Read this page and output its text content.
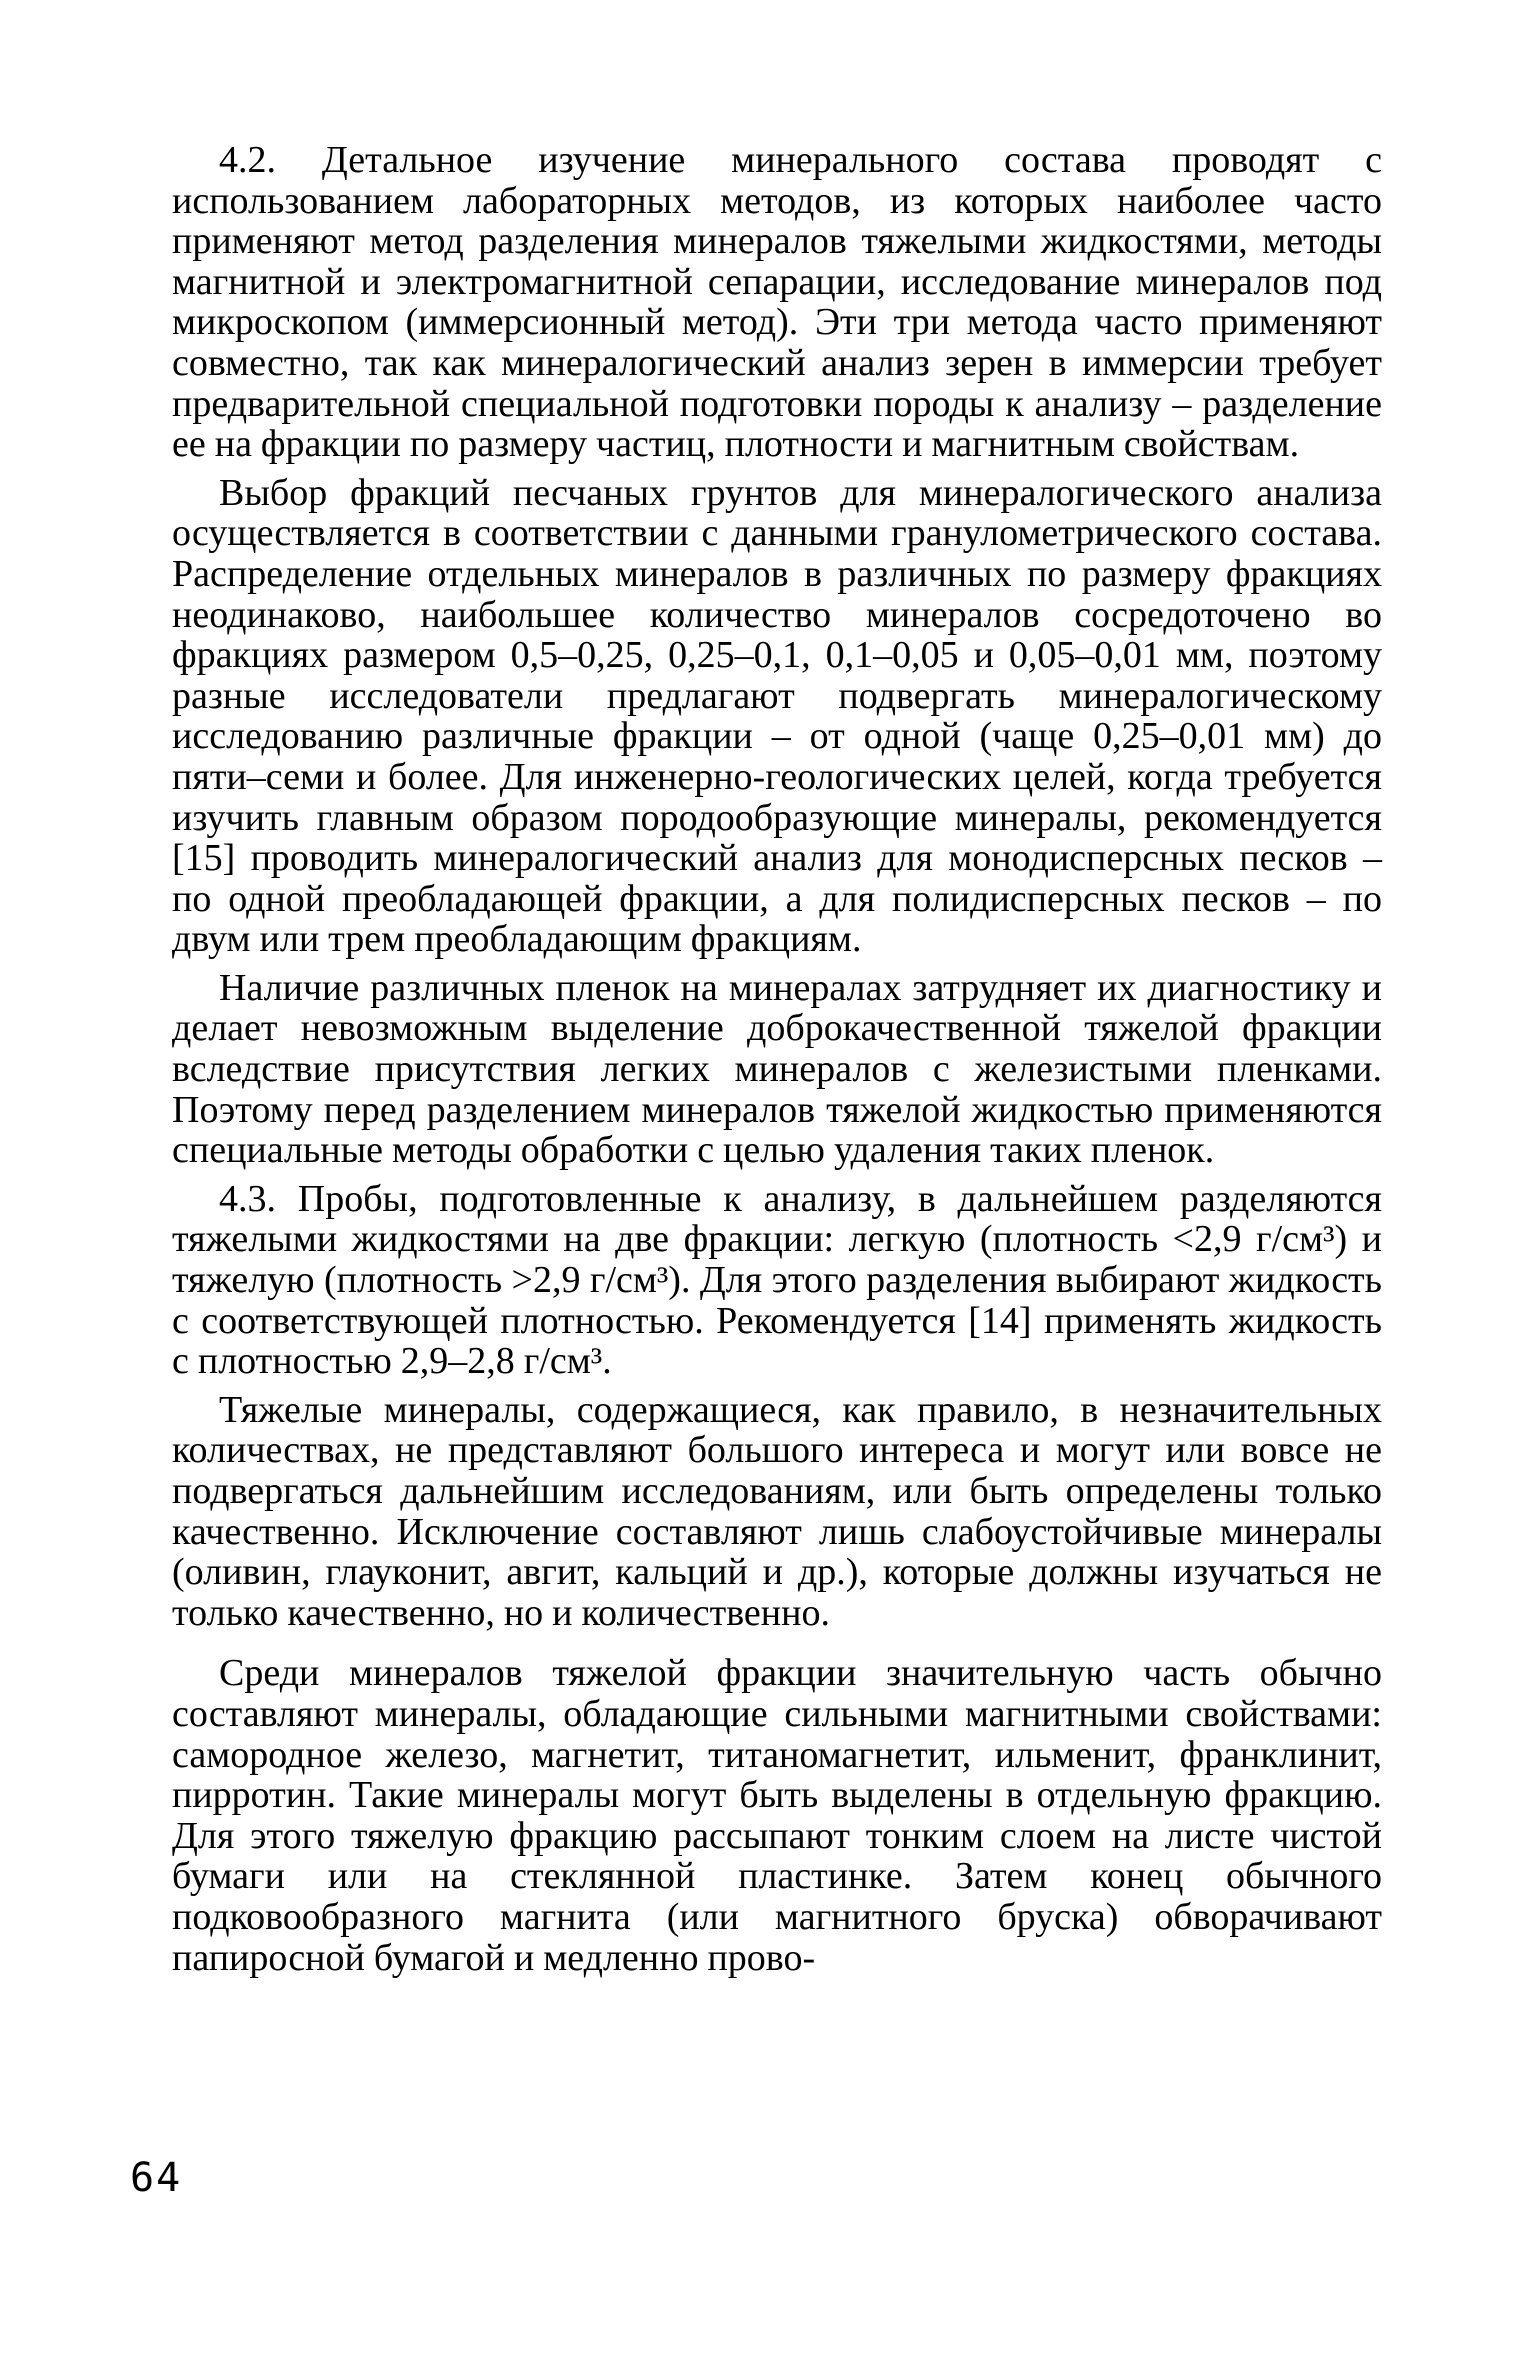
4.2. Детальное изучение минерального состава проводят с использованием лабораторных методов, из которых наиболее часто применяют метод разделения минералов тяжелыми жидкостями, методы магнитной и электромагнитной сепарации, исследование минералов под микроскопом (иммерсионный метод). Эти три метода часто применяют совместно, так как минералогический анализ зерен в иммерсии требует предварительной специальной подготовки породы к анализу – разделение ее на фракции по размеру частиц, плотности и магнитным свойствам.

Выбор фракций песчаных грунтов для минералогического анализа осуществляется в соответствии с данными гранулометрического состава. Распределение отдельных минералов в различных по размеру фракциях неодинаково, наибольшее количество минералов сосредоточено во фракциях размером 0,5–0,25, 0,25–0,1, 0,1–0,05 и 0,05–0,01 мм, поэтому разные исследователи предлагают подвергать минералогическому исследованию различные фракции – от одной (чаще 0,25–0,01 мм) до пяти–семи и более. Для инженерно-геологических целей, когда требуется изучить главным образом породообразующие минералы, рекомендуется [15] проводить минералогический анализ для монодисперсных песков – по одной преобладающей фракции, а для полидисперсных песков – по двум или трем преобладающим фракциям.

Наличие различных пленок на минералах затрудняет их диагностику и делает невозможным выделение доброкачественной тяжелой фракции вследствие присутствия легких минералов с железистыми пленками. Поэтому перед разделением минералов тяжелой жидкостью применяются специальные методы обработки с целью удаления таких пленок.

4.3. Пробы, подготовленные к анализу, в дальнейшем разделяются тяжелыми жидкостями на две фракции: легкую (плотность <2,9 г/см³) и тяжелую (плотность >2,9 г/см³). Для этого разделения выбирают жидкость с соответствующей плотностью. Рекомендуется [14] применять жидкость с плотностью 2,9–2,8 г/см³.

Тяжелые минералы, содержащиеся, как правило, в незначительных количествах, не представляют большого интереса и могут или вовсе не подвергаться дальнейшим исследованиям, или быть определены только качественно. Исключение составляют лишь слабоустойчивые минералы (оливин, глауконит, авгит, кальций и др.), которые должны изучаться не только качественно, но и количественно.

Среди минералов тяжелой фракции значительную часть обычно составляют минералы, обладающие сильными магнитными свойствами: самородное железо, магнетит, титаномагнетит, ильменит, франклинит, пирротин. Такие минералы могут быть выделены в отдельную фракцию. Для этого тяжелую фракцию рассыпают тонким слоем на листе чистой бумаги или на стеклянной пластинке. Затем конец обычного подковообразного магнита (или магнитного бруска) обворачивают папиросной бумагой и медленно прово-

64
